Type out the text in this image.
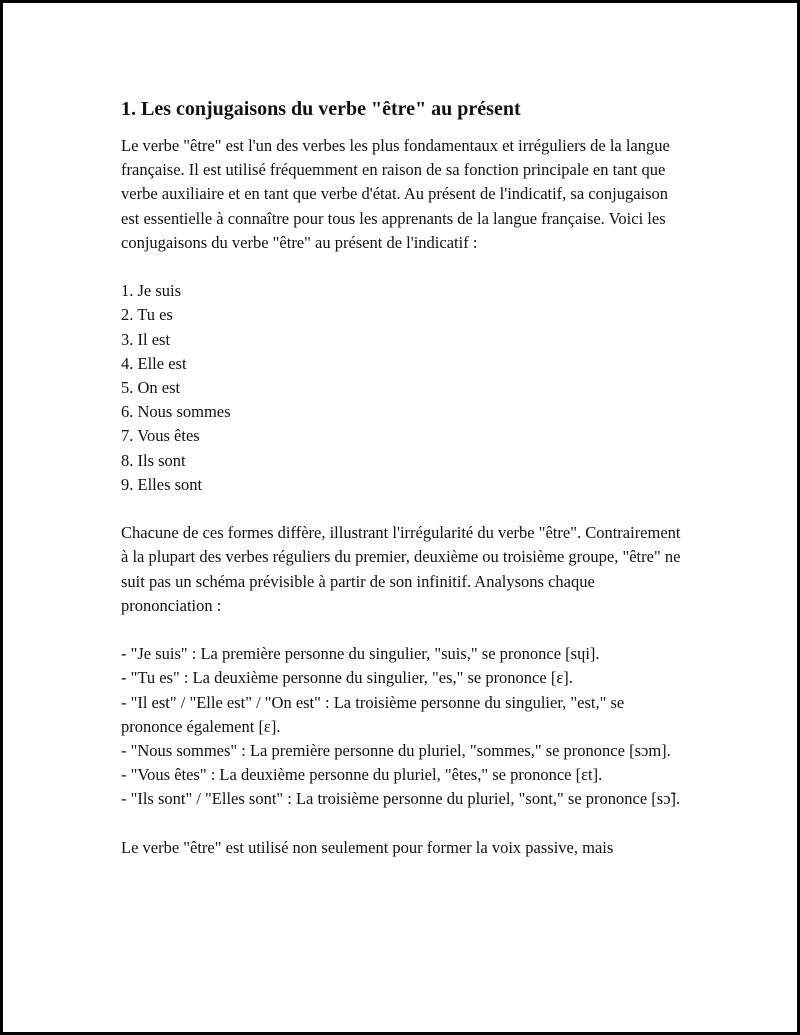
1. Les conjugaisons du verbe "être" au présent

Le verbe "être" est l'un des verbes les plus fondamentaux et irréguliers de la langue française. Il est utilisé fréquemment en raison de sa fonction principale en tant que verbe auxiliaire et en tant que verbe d'état. Au présent de l'indicatif, sa conjugaison est essentielle à connaître pour tous les apprenants de la langue française. Voici les conjugaisons du verbe "être" au présent de l'indicatif :

1. Je suis
2. Tu es
3. Il est
4. Elle est
5. On est
6. Nous sommes
7. Vous êtes
8. Ils sont
9. Elles sont

Chacune de ces formes diffère, illustrant l'irrégularité du verbe "être". Contrairement à la plupart des verbes réguliers du premier, deuxième ou troisième groupe, "être" ne suit pas un schéma prévisible à partir de son infinitif. Analysons chaque prononciation :

- "Je suis" : La première personne du singulier, "suis," se prononce [sɥi].
- "Tu es" : La deuxième personne du singulier, "es," se prononce [ɛ].
- "Il est" / "Elle est" / "On est" : La troisième personne du singulier, "est," se prononce également [ɛ].
- "Nous sommes" : La première personne du pluriel, "sommes," se prononce [sɔm].
- "Vous êtes" : La deuxième personne du pluriel, "êtes," se prononce [ɛt].
- "Ils sont" / "Elles sont" : La troisième personne du pluriel, "sont," se prononce [sɔ̃].

Le verbe "être" est utilisé non seulement pour former la voix passive, mais
